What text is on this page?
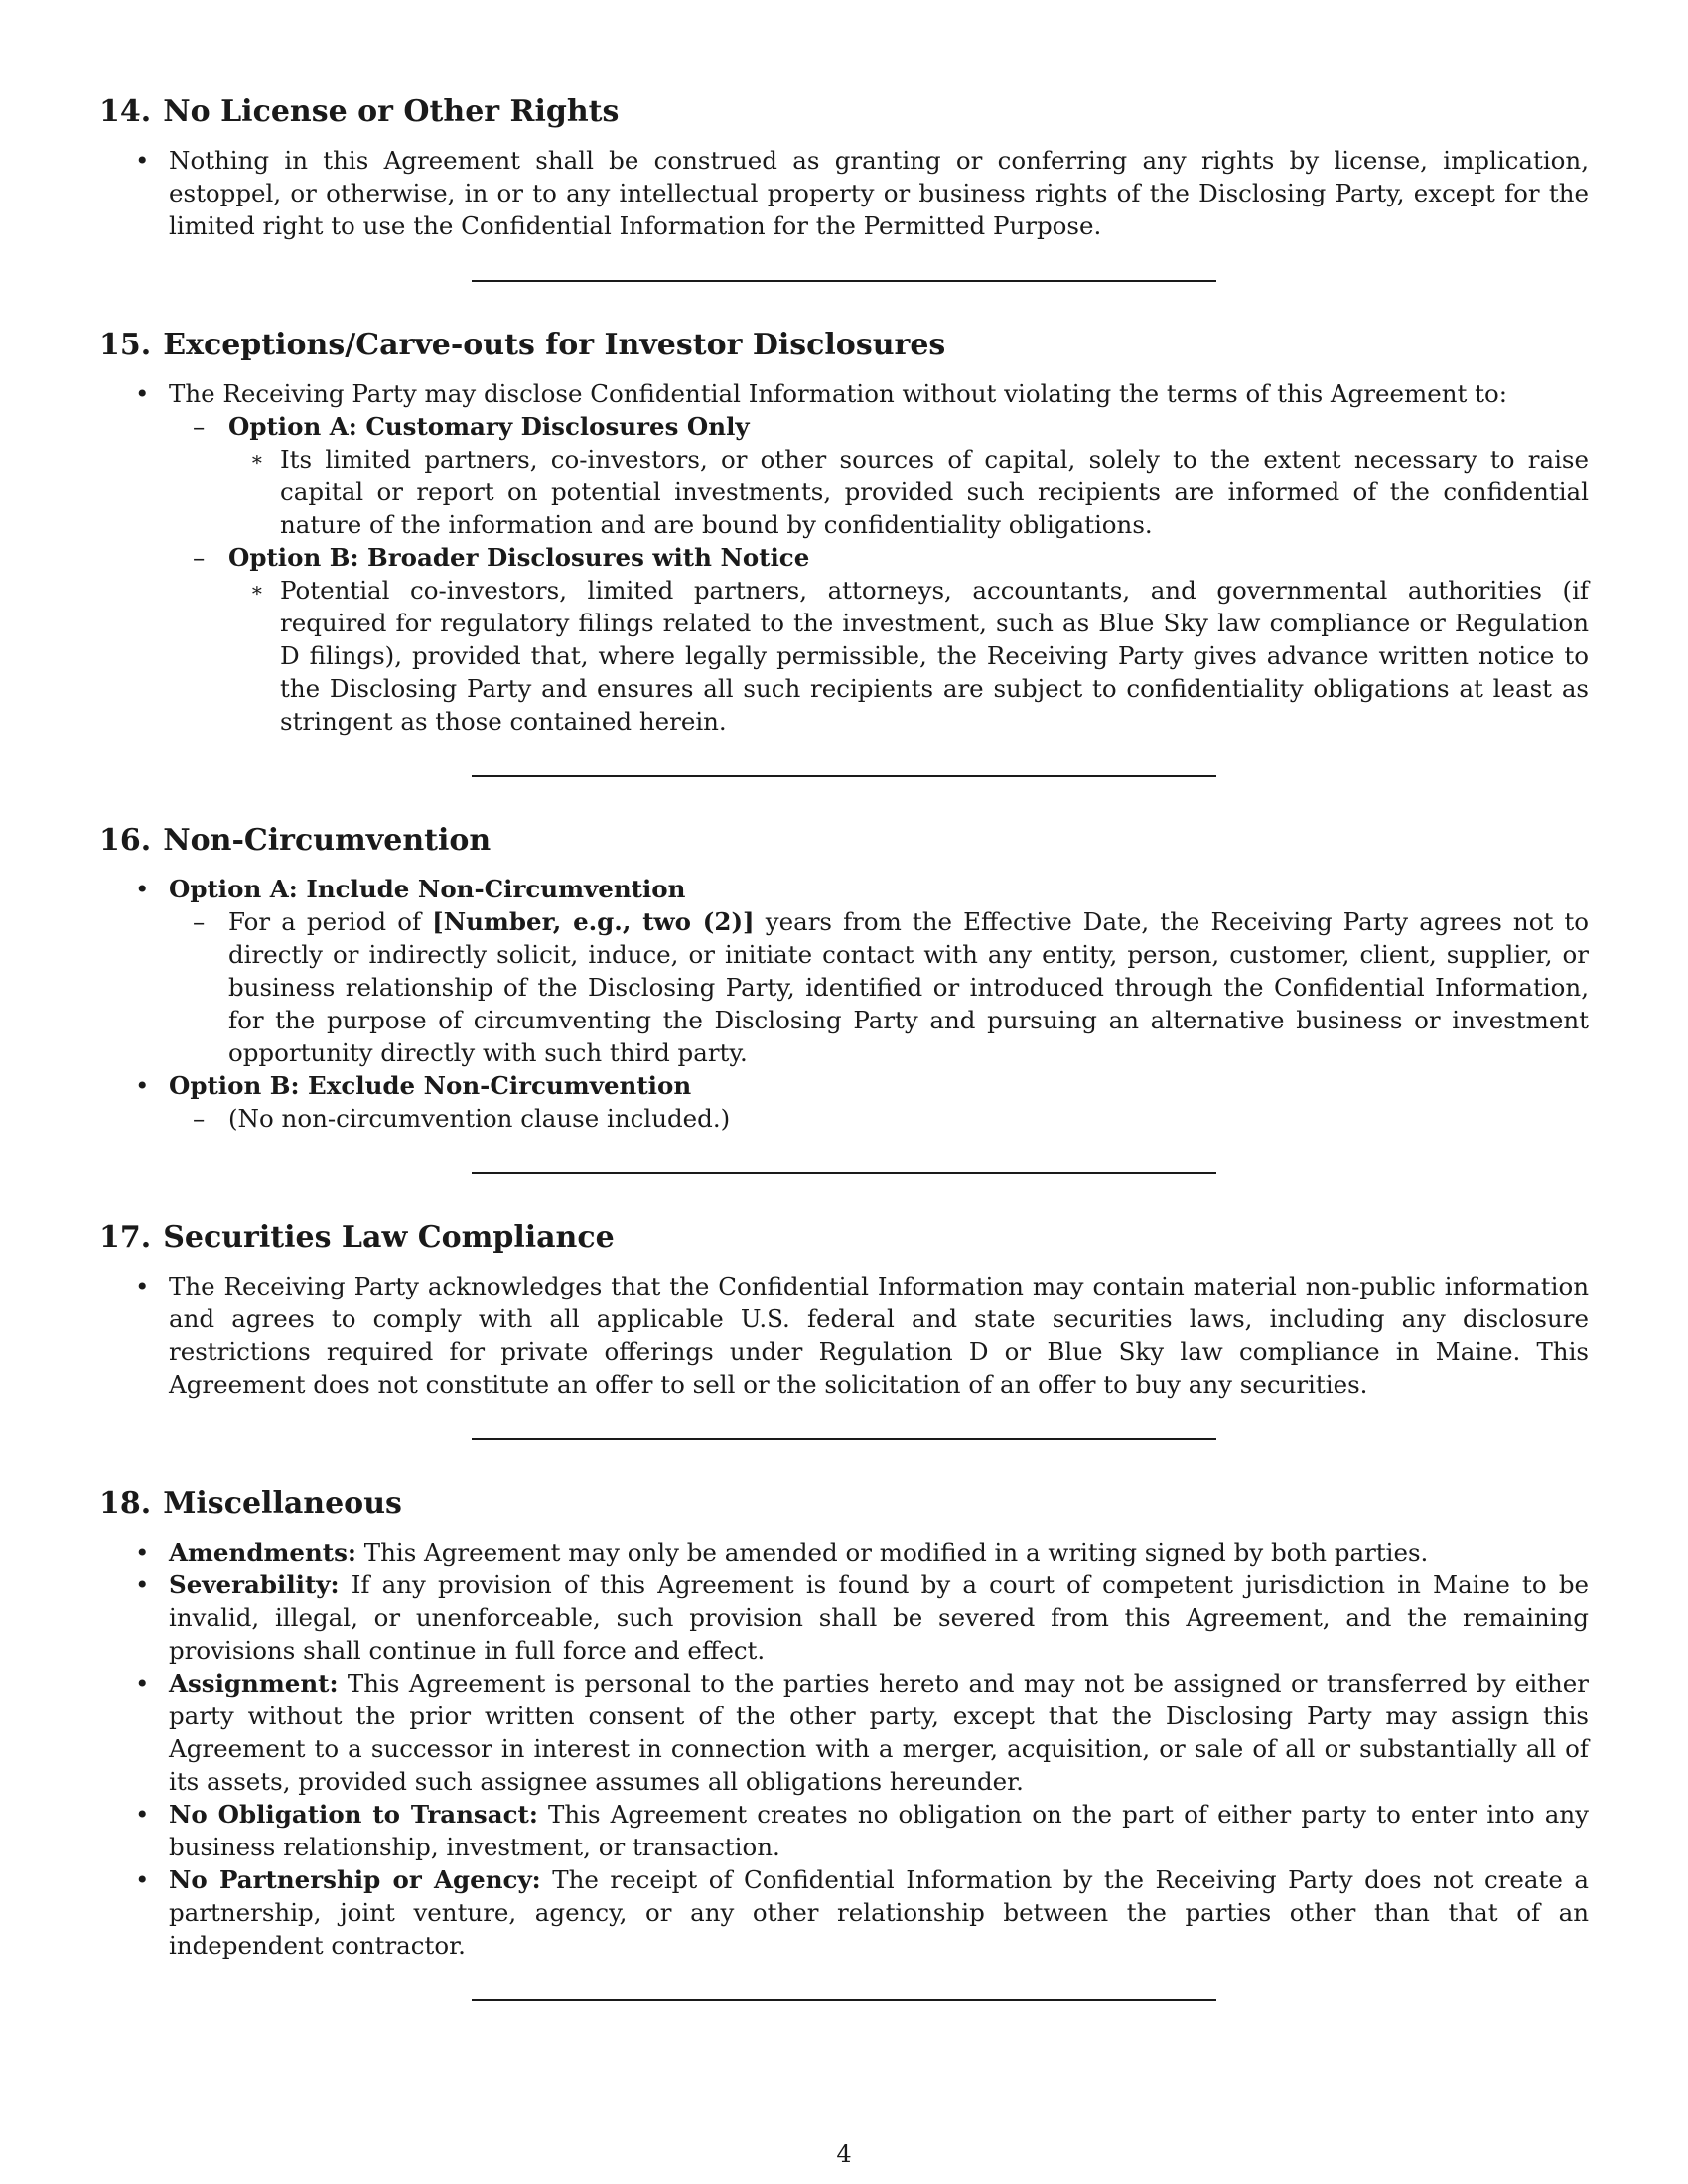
14. No License or Other Rights
• Nothing in this Agreement shall be construed as granting or conferring any rights by license, implication, estoppel, or otherwise, in or to any intellectual property or business rights of the Disclosing Party, except for the limited right to use the Confidential Information for the Permitted Purpose.
15. Exceptions/Carve-outs for Investor Disclosures
• The Receiving Party may disclose Confidential Information without violating the terms of this Agreement to:
– Option A: Customary Disclosures Only
∗ Its limited partners, co-investors, or other sources of capital, solely to the extent necessary to raise capital or report on potential investments, provided such recipients are informed of the confidential nature of the information and are bound by confidentiality obligations.
– Option B: Broader Disclosures with Notice
∗ Potential co-investors, limited partners, attorneys, accountants, and governmental authorities (if required for regulatory filings related to the investment, such as Blue Sky law compliance or Regulation D filings), provided that, where legally permissible, the Receiving Party gives advance written notice to the Disclosing Party and ensures all such recipients are subject to confidentiality obligations at least as stringent as those contained herein.
16. Non-Circumvention
• Option A: Include Non-Circumvention
– For a period of [Number, e.g., two (2)] years from the Effective Date, the Receiving Party agrees not to directly or indirectly solicit, induce, or initiate contact with any entity, person, customer, client, supplier, or business relationship of the Disclosing Party, identified or introduced through the Confidential Information, for the purpose of circumventing the Disclosing Party and pursuing an alternative business or investment opportunity directly with such third party.
• Option B: Exclude Non-Circumvention
– (No non-circumvention clause included.)
17. Securities Law Compliance
• The Receiving Party acknowledges that the Confidential Information may contain material non-public information and agrees to comply with all applicable U.S. federal and state securities laws, including any disclosure restrictions required for private offerings under Regulation D or Blue Sky law compliance in Maine. This Agreement does not constitute an offer to sell or the solicitation of an offer to buy any securities.
18. Miscellaneous
• Amendments: This Agreement may only be amended or modified in a writing signed by both parties.
• Severability: If any provision of this Agreement is found by a court of competent jurisdiction in Maine to be invalid, illegal, or unenforceable, such provision shall be severed from this Agreement, and the remaining provisions shall continue in full force and effect.
• Assignment: This Agreement is personal to the parties hereto and may not be assigned or transferred by either party without the prior written consent of the other party, except that the Disclosing Party may assign this Agreement to a successor in interest in connection with a merger, acquisition, or sale of all or substantially all of its assets, provided such assignee assumes all obligations hereunder.
• No Obligation to Transact: This Agreement creates no obligation on the part of either party to enter into any business relationship, investment, or transaction.
• No Partnership or Agency: The receipt of Confidential Information by the Receiving Party does not create a partnership, joint venture, agency, or any other relationship between the parties other than that of an independent contractor.
4
